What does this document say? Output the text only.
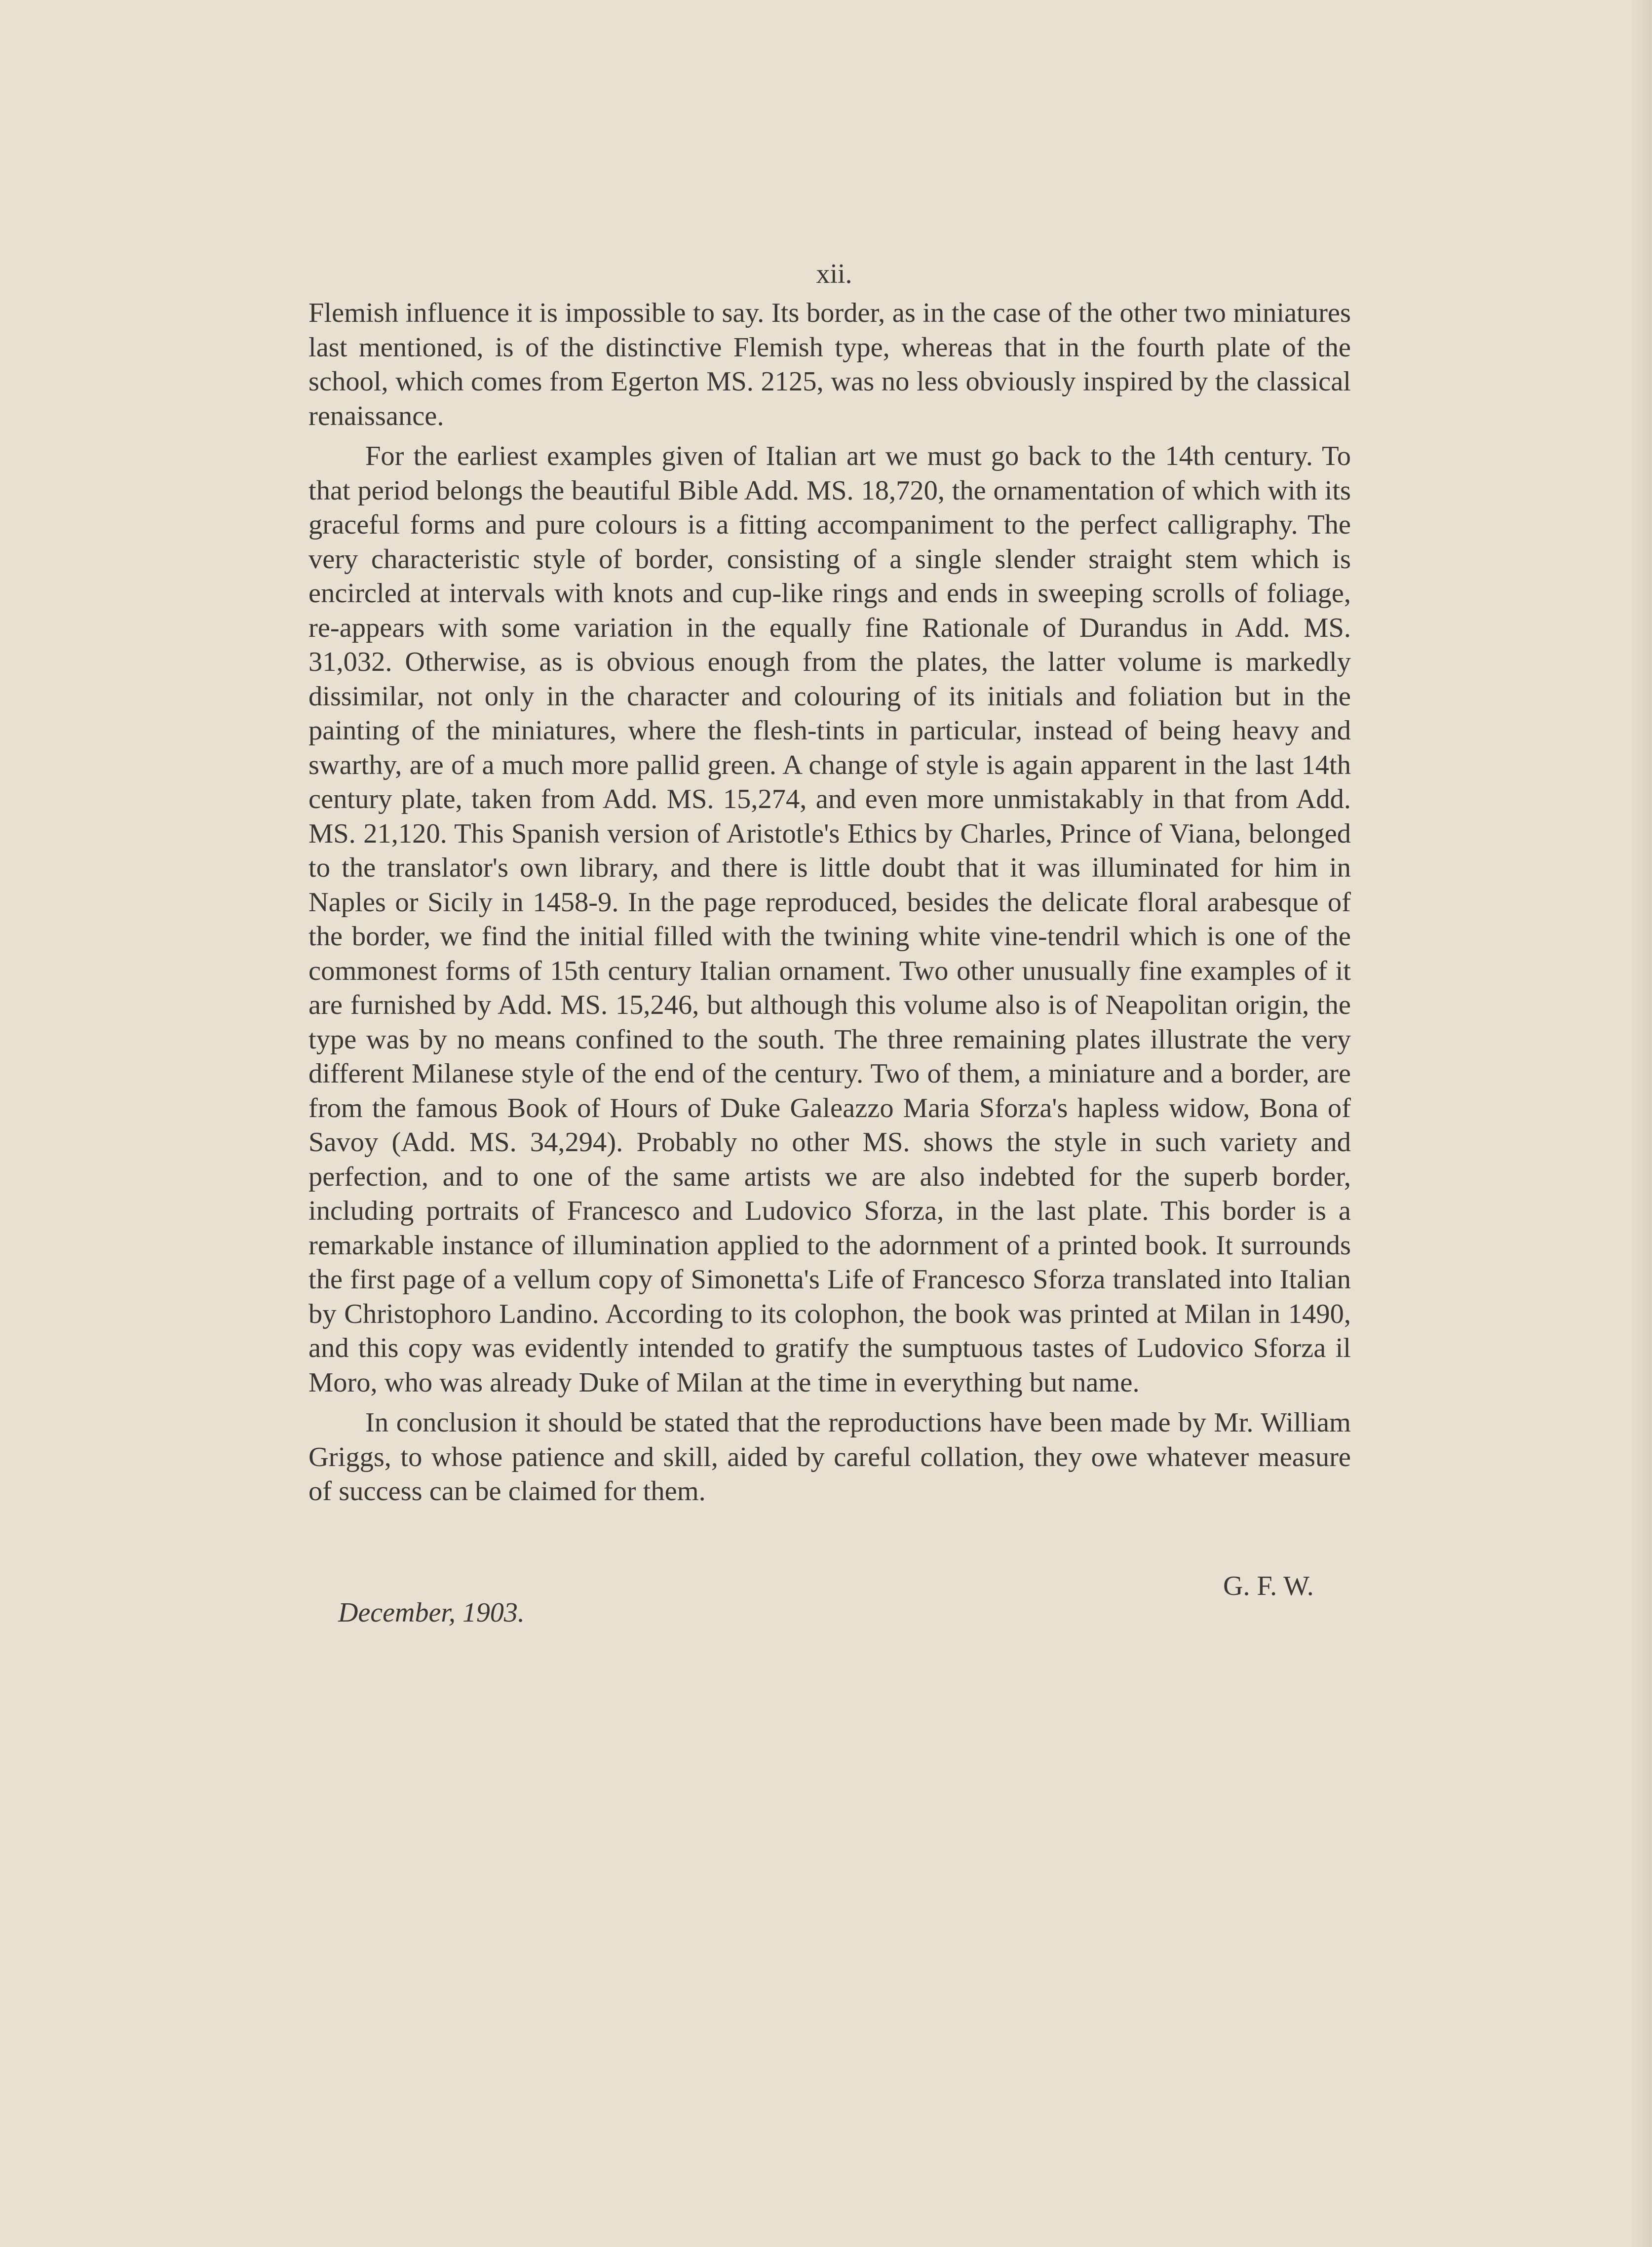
xii.

Flemish influence it is impossible to say. Its border, as in the case of the other two miniatures last mentioned, is of the distinctive Flemish type, whereas that in the fourth plate of the school, which comes from Egerton MS. 2125, was no less obviously inspired by the classical renaissance.

For the earliest examples given of Italian art we must go back to the 14th century. To that period belongs the beautiful Bible Add. MS. 18,720, the ornamentation of which with its graceful forms and pure colours is a fitting accompaniment to the perfect calligraphy. The very characteristic style of border, consisting of a single slender straight stem which is encircled at intervals with knots and cup-like rings and ends in sweeping scrolls of foliage, re-appears with some variation in the equally fine Rationale of Durandus in Add. MS. 31,032. Otherwise, as is obvious enough from the plates, the latter volume is markedly dissimilar, not only in the character and colouring of its initials and foliation but in the painting of the miniatures, where the flesh-tints in particular, instead of being heavy and swarthy, are of a much more pallid green. A change of style is again apparent in the last 14th century plate, taken from Add. MS. 15,274, and even more unmistakably in that from Add. MS. 21,120. This Spanish version of Aristotle's Ethics by Charles, Prince of Viana, belonged to the translator's own library, and there is little doubt that it was illuminated for him in Naples or Sicily in 1458-9. In the page reproduced, besides the delicate floral arabesque of the border, we find the initial filled with the twining white vine-tendril which is one of the commonest forms of 15th century Italian ornament. Two other unusually fine examples of it are furnished by Add. MS. 15,246, but although this volume also is of Neapolitan origin, the type was by no means confined to the south. The three remaining plates illustrate the very different Milanese style of the end of the century. Two of them, a miniature and a border, are from the famous Book of Hours of Duke Galeazzo Maria Sforza's hapless widow, Bona of Savoy (Add. MS. 34,294). Probably no other MS. shows the style in such variety and perfection, and to one of the same artists we are also indebted for the superb border, including portraits of Francesco and Ludovico Sforza, in the last plate. This border is a remarkable instance of illumination applied to the adornment of a printed book. It surrounds the first page of a vellum copy of Simonetta's Life of Francesco Sforza translated into Italian by Christophoro Landino. According to its colophon, the book was printed at Milan in 1490, and this copy was evidently intended to gratify the sumptuous tastes of Ludovico Sforza il Moro, who was already Duke of Milan at the time in everything but name.

In conclusion it should be stated that the reproductions have been made by Mr. William Griggs, to whose patience and skill, aided by careful collation, they owe whatever measure of success can be claimed for them.

G. F. W.
December, 1903.
